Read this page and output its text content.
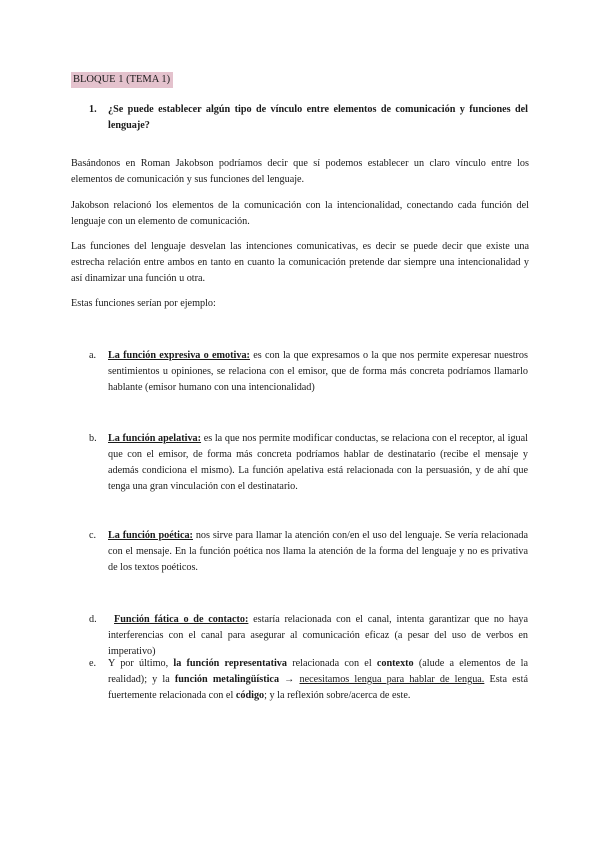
BLOQUE 1 (TEMA 1)
1. ¿Se puede establecer algún tipo de vínculo entre elementos de comunicación y funciones del lenguaje?

Basándonos en Roman Jakobson podríamos decir que sí podemos establecer un claro vínculo entre los elementos de comunicación y sus funciones del lenguaje.

Jakobson relacionó los elementos de la comunicación con la intencionalidad, conectando cada función del lenguaje con un elemento de comunicación.

Las funciones del lenguaje desvelan las intenciones comunicativas, es decir se puede decir que existe una estrecha relación entre ambos en tanto en cuanto la comunicación pretende dar siempre una intencionalidad y así dinamizar una función u otra.

Estas funciones serían por ejemplo:

a. La función expresiva o emotiva: es con la que expresamos o la que nos permite experesar nuestros sentimientos u opiniones, se relaciona con el emisor, que de forma más concreta podríamos llamarlo hablante (emisor humano con una intencionalidad)

b. La función apelativa: es la que nos permite modificar conductas, se relaciona con el receptor, al igual que con el emisor, de forma más concreta podríamos hablar de destinatario (recibe el mensaje y además condiciona el mismo). La función apelativa está relacionada con la persuasión, y de ahí que tenga una gran vinculación con el destinatario.

c. La función poética: nos sirve para llamar la atención con/en el uso del lenguaje. Se vería relacionada con el mensaje. En la función poética nos llama la atención de la forma del lenguaje y no es privativa de los textos poéticos.

d.	Función fática o de contacto: estaría relacionada con el canal, intenta garantizar que no haya interferencias con el canal para asegurar al comunicación eficaz (a pesar del uso de verbos en imperativo)

e. Y por último, la función representativa relacionada con el contexto (alude a elementos de la realidad); y la función metalingüística → necesitamos lengua para hablar de lengua. Esta está fuertemente relacionada con el código; y la reflexión sobre/acerca de este.
